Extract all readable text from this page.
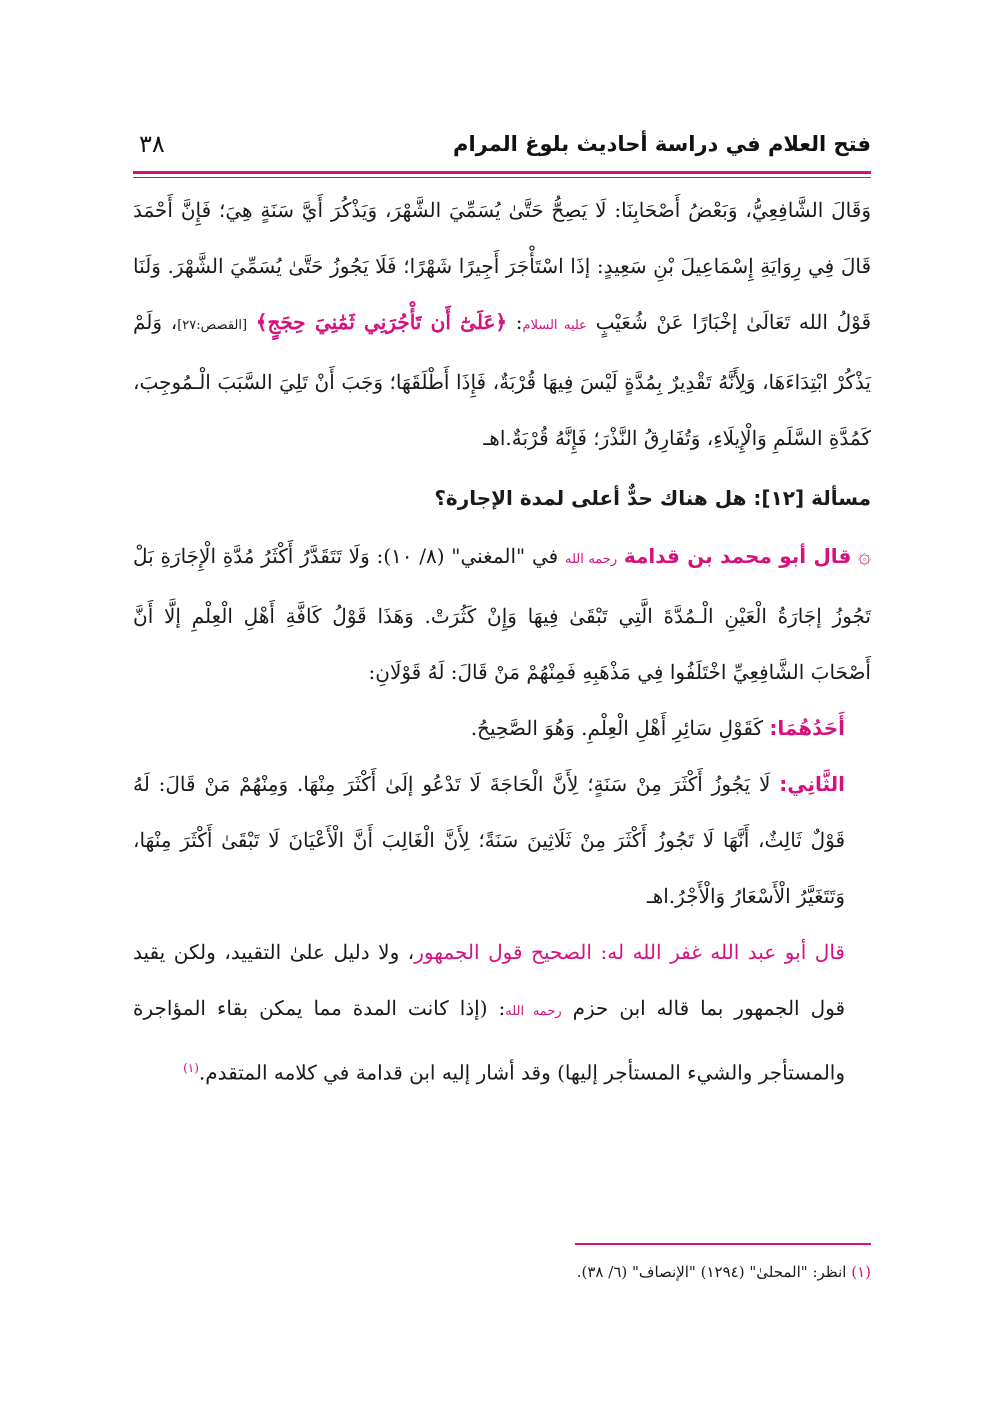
فتح العلام في دراسة أحاديث بلوغ المرام
٣٨

وَقَالَ الشَّافِعِيُّ، وَبَعْضُ أَصْحَابِنَا: لَا يَصِحُّ حَتَّىٰ يُسَمِّيَ الشَّهْرَ، وَيَذْكُرَ أَيَّ سَنَةٍ هِيَ؛ فَإِنَّ أَحْمَدَ قَالَ فِي رِوَايَةِ إِسْمَاعِيلَ بْنِ سَعِيدٍ: إذَا اسْتَأْجَرَ أَجِيرًا شَهْرًا؛ فَلَا يَجُوزُ حَتَّىٰ يُسَمِّيَ الشَّهْرَ. وَلَنَا قَوْلُ الله تَعَالَىٰ إخْبَارًا عَنْ شُعَيْبٍ عليه السلام: ﴿عَلَىٰٓ أَن تَأْجُرَنِي ثَمَٰنِيَ حِجَجٍ﴾ [القصص:٢٧]، وَلَمْ يَذْكُرْ ابْتِدَاءَهَا، وَلِأَنَّهُ تَقْدِيرٌ بِمُدَّةٍ لَيْسَ فِيهَا قُرْبَةٌ، فَإِذَا أَطْلَقَهَا؛ وَجَبَ أَنْ تَلِيَ السَّبَبَ الْـمُوجِبَ، كَمُدَّةِ السَّلَمِ وَالْإِيلَاءِ، وَتُفَارِقُ النَّذْرَ؛ فَإِنَّهُ قُرْبَةٌ.اهـ

مسألة [١٢]: هل هناك حدٌّ أعلى لمدة الإجارة؟

۞ قال أبو محمد بن قدامة رحمه الله في "المغني" (٨/ ١٠): وَلَا تَتَقَدَّرُ أَكْثَرُ مُدَّةِ الْإِجَارَةِ بَلْ تَجُوزُ إجَارَةُ الْعَيْنِ الْـمُدَّةَ الَّتِي تَبْقَىٰ فِيهَا وَإِنْ كَثُرَتْ. وَهَذَا قَوْلُ كَافَّةِ أَهْلِ الْعِلْمِ إلَّا أَنَّ أَصْحَابَ الشَّافِعِيِّ اخْتَلَفُوا فِي مَذْهَبِهِ فَمِنْهُمْ مَنْ قَالَ: لَهُ قَوْلَانِ:

أَحَدُهُمَا: كَقَوْلِ سَائِرِ أَهْلِ الْعِلْمِ. وَهُوَ الصَّحِيحُ.

الثَّانِي: لَا يَجُوزُ أَكْثَرَ مِنْ سَنَةٍ؛ لِأَنَّ الْحَاجَةَ لَا تَدْعُو إلَىٰ أَكْثَرَ مِنْهَا. وَمِنْهُمْ مَنْ قَالَ: لَهُ قَوْلٌ ثَالِثٌ، أَنَّهَا لَا تَجُوزُ أَكْثَرَ مِنْ ثَلَاثِينَ سَنَةً؛ لِأَنَّ الْغَالِبَ أَنَّ الْأَعْيَانَ لَا تَبْقَىٰ أَكْثَرَ مِنْهَا، وَتَتَغَيَّرُ الْأَسْعَارُ وَالْأَجْرُ.اهـ

قال أبو عبد الله غفر الله له: الصحيح قول الجمهور، ولا دليل علىٰ التقييد، ولكن يقيد قول الجمهور بما قاله ابن حزم رحمه الله: (إذا كانت المدة مما يمكن بقاء المؤاجرة والمستأجر والشيء المستأجر إليها) وقد أشار إليه ابن قدامة في كلامه المتقدم.$^{(١)}$

(١) انظر: "المحلىٰ" (١٢٩٤) "الإنصاف" (٦/ ٣٨).
